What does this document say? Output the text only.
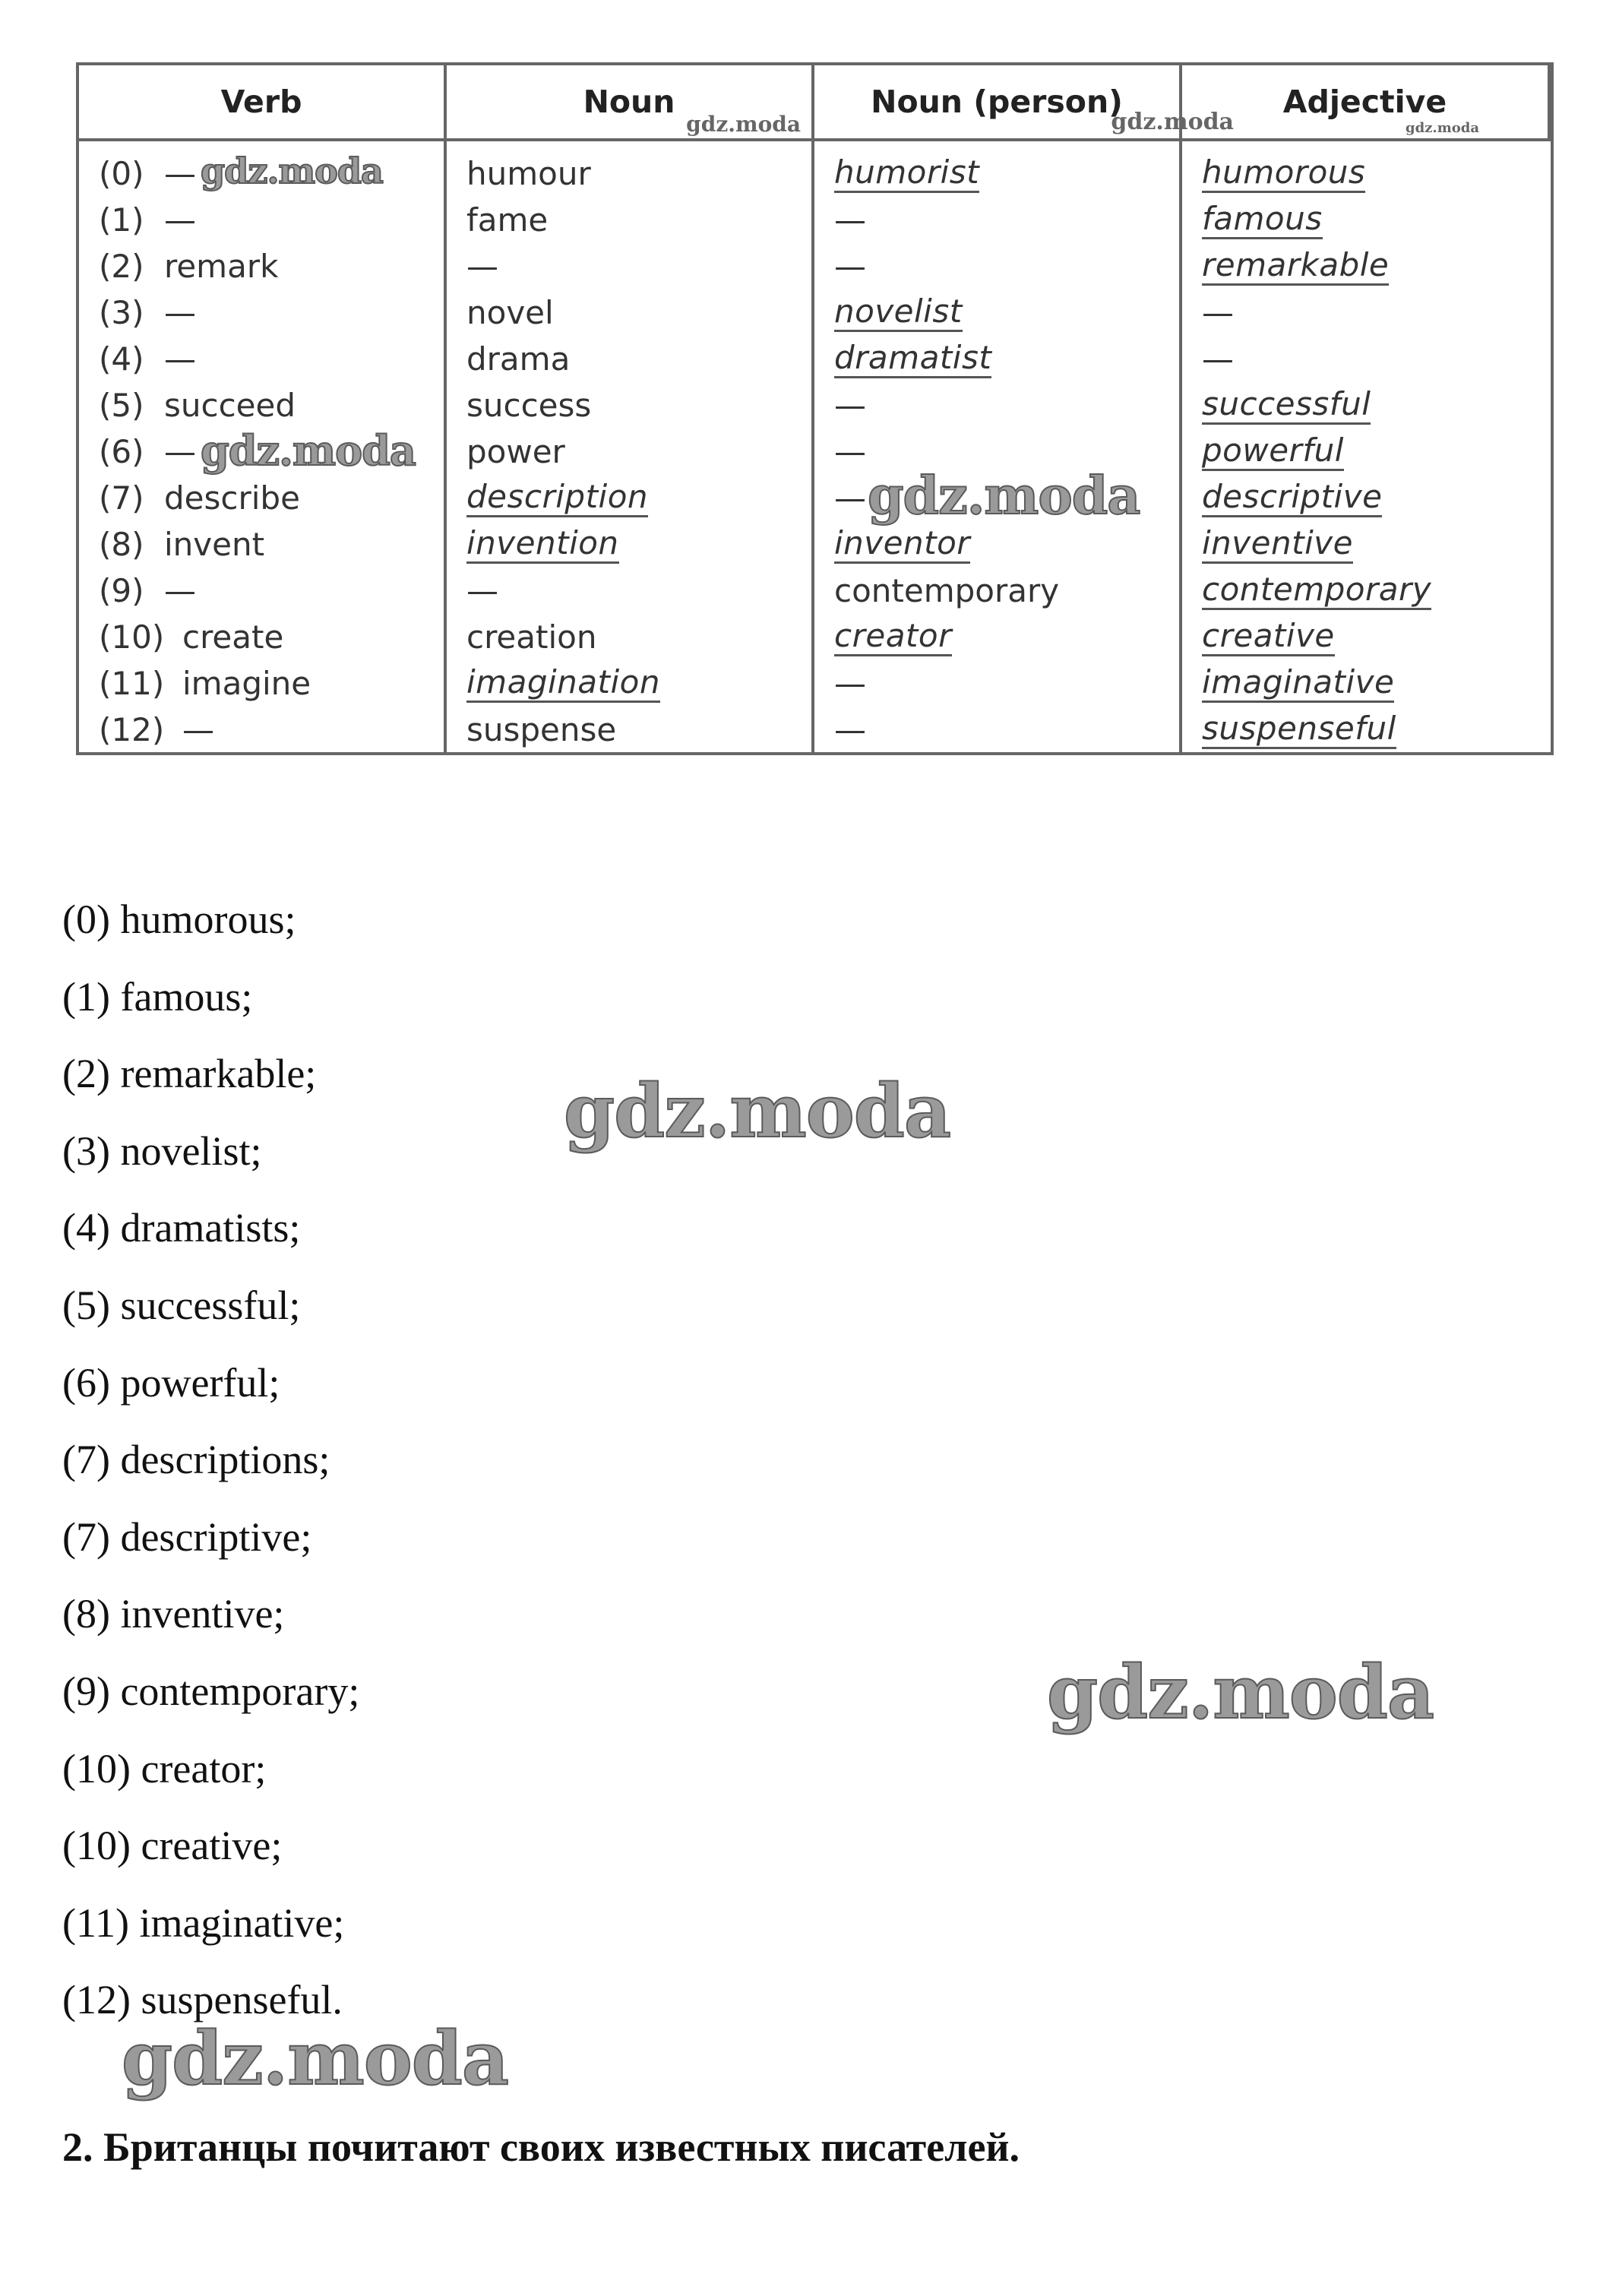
Verb	Noun
gdz.moda
Noun (person)
gdz.moda
Adjective
gdz.moda
(0) — gdz.moda
(1) —
(2) remark
(3) —
(4) —
(5) succeed
(6) — gdz.moda
(7) describe
(8) invent
(9) —
(10) create
(11) imagine
(12) —
humour
fame
—
novel
drama
success
power
description
invention
—
creation
imagination
suspense
humorist
—
—
novelist
dramatist
—
—
— gdz.moda
inventor
contemporary
creator
—
—
humorous
famous
remarkable
—
—
successful
powerful
descriptive
inventive
contemporary
creative
imaginative
suspenseful
(0) humorous;
(1) famous;
(2) remarkable;
(3) novelist;
(4) dramatists;
(5) successful;
(6) powerful;
(7) descriptions;
(7) descriptive;
(8) inventive;
(9) contemporary;
(10) creator;
(10) creative;
(11) imaginative;
(12) suspenseful.
gdz.moda
gdz.moda
gdz.moda
2. Британцы почитают своих известных писателей.
